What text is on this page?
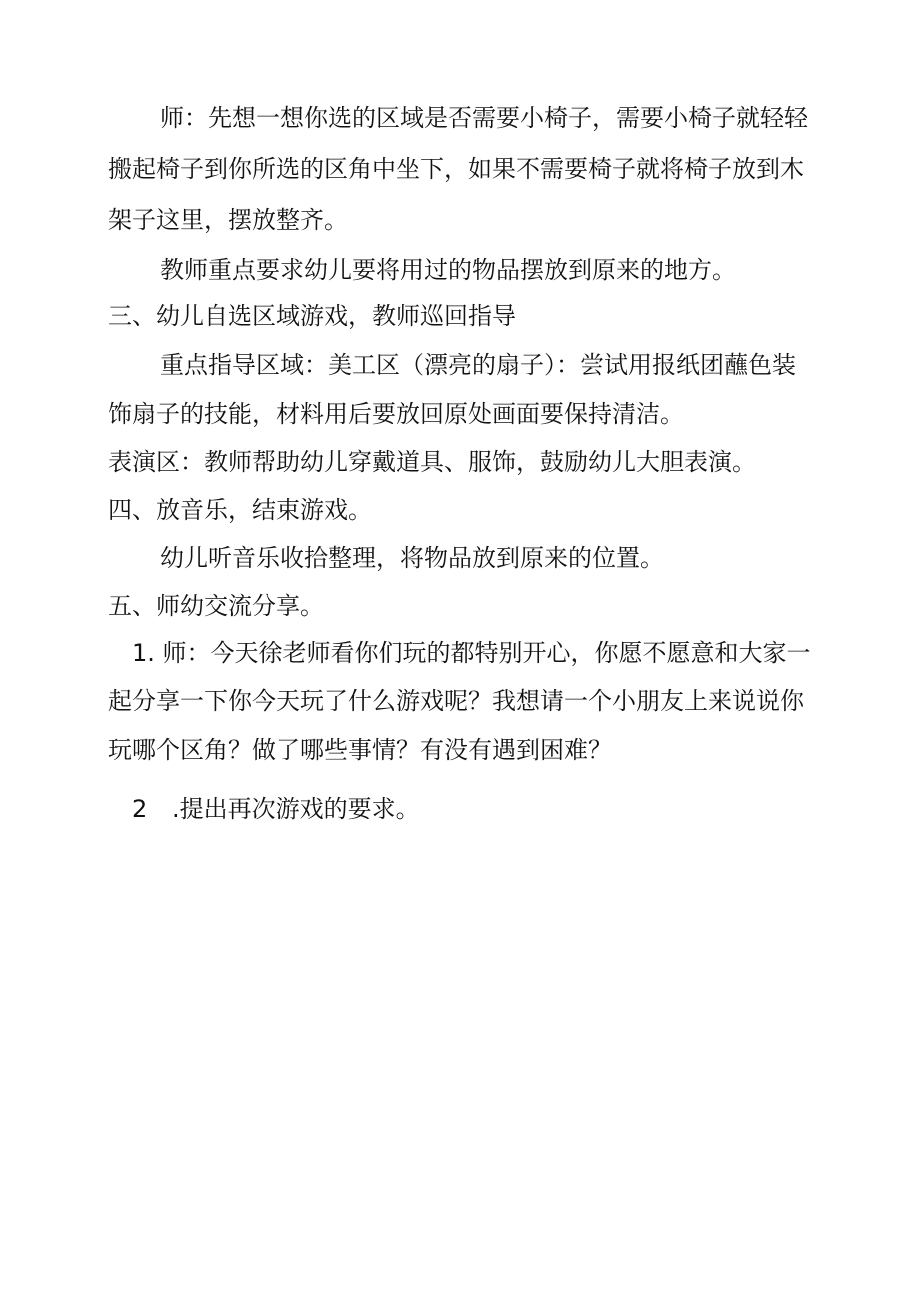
师：先想一想你选的区域是否需要小椅子，需要小椅子就轻轻
搬起椅子到你所选的区角中坐下，如果不需要椅子就将椅子放到木
架子这里，摆放整齐。
教师重点要求幼儿要将用过的物品摆放到原来的地方。
三、幼儿自选区域游戏，教师巡回指导
重点指导区域：美工区（漂亮的扇子）：尝试用报纸团蘸色装
饰扇子的技能，材料用后要放回原处画面要保持清洁。
表演区：教师帮助幼儿穿戴道具、服饰，鼓励幼儿大胆表演。
四、放音乐，结束游戏。
幼儿听音乐收拾整理，将物品放到原来的位置。
五、师幼交流分享。
1. 师：今天徐老师看你们玩的都特别开心，你愿不愿意和大家一
起分享一下你今天玩了什么游戏呢？我想请一个小朋友上来说说你
玩哪个区角？做了哪些事情？有没有遇到困难？
2 .提出再次游戏的要求。
